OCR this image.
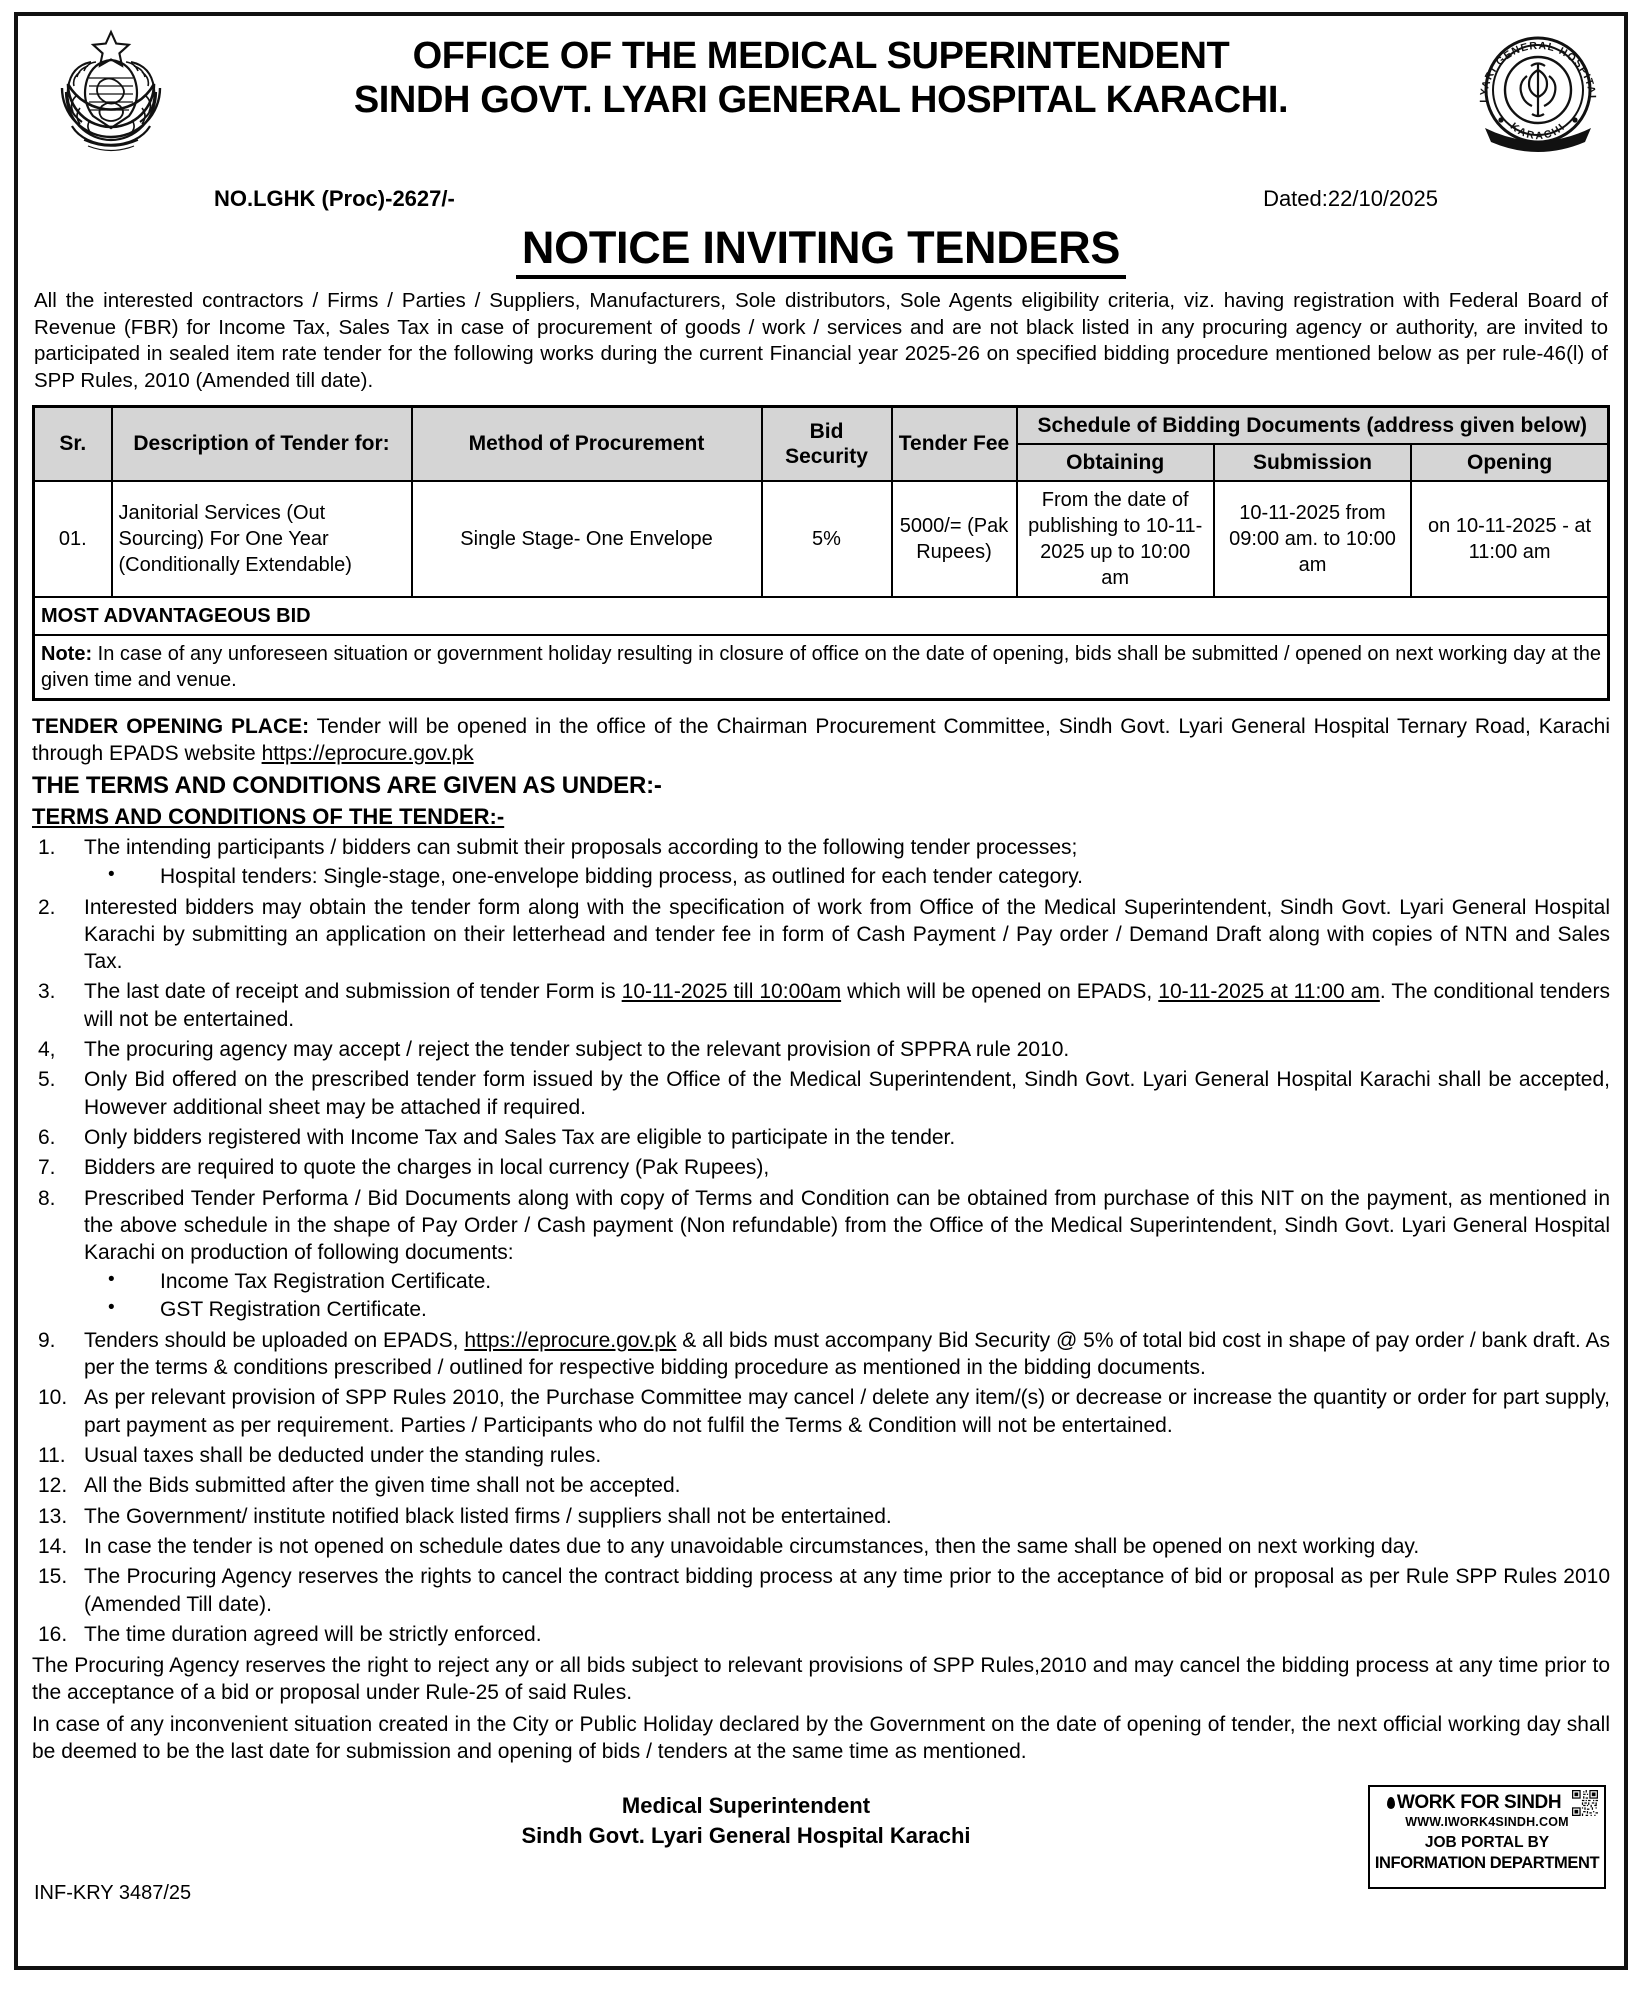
OFFICE OF THE MEDICAL SUPERINTENDENT
SINDH GOVT. LYARI GENERAL HOSPITAL KARACHI.	LYARI GENERAL HOSPITAL
KARACHI
NO.LGHK (Proc)-2627/-	Dated:22/10/2025
NOTICE INVITING TENDERS
All the interested contractors / Firms / Parties / Suppliers, Manufacturers, Sole distributors, Sole Agents eligibility criteria, viz. having registration with Federal Board of Revenue (FBR) for Income Tax, Sales Tax in case of procurement of goods / work / services and are not black listed in any procuring agency or authority, are invited to participated in sealed item rate tender for the following works during the current Financial year 2025-26 on specified bidding procedure mentioned below as per rule-46(l) of SPP Rules, 2010 (Amended till date).
Sr.	Description of Tender for:	Method of Procurement	Bid Security	Tender Fee	Schedule of Bidding Documents (address given below)		
					Obtaining	Submission	Opening
01.	Janitorial Services (Out Sourcing) For One Year (Conditionally Extendable)	Single Stage- One Envelope	5%	5000/= (Pak Rupees)	From the date of publishing to 10-11-2025 up to 10:00 am	10-11-2025 from 09:00 am. to 10:00 am	on 10-11-2025 - at 11:00 am
MOST ADVANTAGEOUS BID							
Note: In case of any unforeseen situation or government holiday resulting in closure of office on the date of opening, bids shall be submitted / opened on next working day at the given time and venue.							
TENDER OPENING PLACE: Tender will be opened in the office of the Chairman Procurement Committee, Sindh Govt. Lyari General Hospital Ternary Road, Karachi through EPADS website https://eprocure.gov.pk
THE TERMS AND CONDITIONS ARE GIVEN AS UNDER:-
TERMS AND CONDITIONS OF THE TENDER:-
1.	The intending participants / bidders can submit their proposals according to the following tender processes;
• Hospital tenders: Single-stage, one-envelope bidding process, as outlined for each tender category.
2.	Interested bidders may obtain the tender form along with the specification of work from Office of the Medical Superintendent, Sindh Govt. Lyari General Hospital Karachi by submitting an application on their letterhead and tender fee in form of Cash Payment / Pay order / Demand Draft along with copies of NTN and Sales Tax.
3.	The last date of receipt and submission of tender Form is 10-11-2025 till 10:00am which will be opened on EPADS, 10-11-2025 at 11:00 am. The conditional tenders will not be entertained.
4,	The procuring agency may accept / reject the tender subject to the relevant provision of SPPRA rule 2010.
5.	Only Bid offered on the prescribed tender form issued by the Office of the Medical Superintendent, Sindh Govt. Lyari General Hospital Karachi shall be accepted, However additional sheet may be attached if required.
6.	Only bidders registered with Income Tax and Sales Tax are eligible to participate in the tender.
7.	Bidders are required to quote the charges in local currency (Pak Rupees),
8.	Prescribed Tender Performa / Bid Documents along with copy of Terms and Condition can be obtained from purchase of this NIT on the payment, as mentioned in the above schedule in the shape of Pay Order / Cash payment (Non refundable) from the Office of the Medical Superintendent, Sindh Govt. Lyari General Hospital Karachi on production of following documents:
• Income Tax Registration Certificate.
• GST Registration Certificate.
9.	Tenders should be uploaded on EPADS, https://eprocure.gov.pk & all bids must accompany Bid Security @ 5% of total bid cost in shape of pay order / bank draft. As per the terms & conditions prescribed / outlined for respective bidding procedure as mentioned in the bidding documents.
10. As per relevant provision of SPP Rules 2010, the Purchase Committee may cancel / delete any item/(s) or decrease or increase the quantity or order for part supply, part payment as per requirement. Parties / Participants who do not fulfil the Terms & Condition will not be entertained.
11. Usual taxes shall be deducted under the standing rules.
12. All the Bids submitted after the given time shall not be accepted.
13. The Government/ institute notified black listed firms / suppliers shall not be entertained.
14. In case the tender is not opened on schedule dates due to any unavoidable circumstances, then the same shall be opened on next working day.
15. The Procuring Agency reserves the rights to cancel the contract bidding process at any time prior to the acceptance of bid or proposal as per Rule SPP Rules 2010 (Amended Till date).
16. The time duration agreed will be strictly enforced.
The Procuring Agency reserves the right to reject any or all bids subject to relevant provisions of SPP Rules,2010 and may cancel the bidding process at any time prior to the acceptance of a bid or proposal under Rule-25 of said Rules.
In case of any inconvenient situation created in the City or Public Holiday declared by the Government on the date of opening of tender, the next official working day shall be deemed to be the last date for submission and opening of bids / tenders at the same time as mentioned.
Medical Superintendent
Sindh Govt. Lyari General Hospital Karachi
INF-KRY 3487/25
WORK FOR SINDH
WWW.IWORK4SINDH.COM
JOB PORTAL BY
INFORMATION DEPARTMENT
